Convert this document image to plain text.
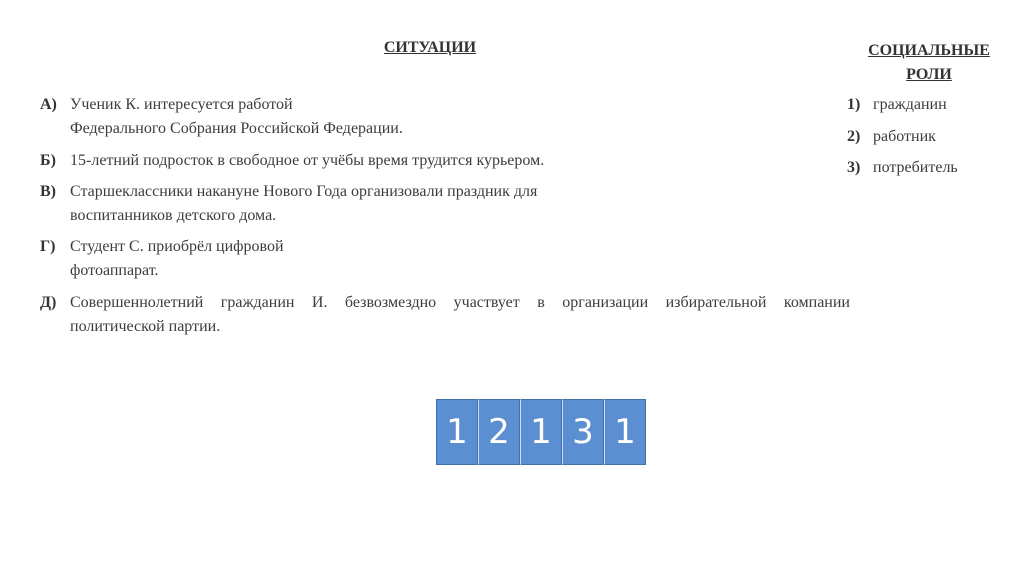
СИТУАЦИИ	СОЦИАЛЬНЫЕ
РОЛИ
А) Ученик К. интересуется работой
Федерального Собрания Российской Федерации.
Б) 15-летний подросток в свободное от учёбы время трудится курьером.
В) Старшеклассники накануне Нового Года организовали праздник для
воспитанников детского дома.
Г) Студент С. приобрёл цифровой
фотоаппарат.
Д) Совершеннолетний гражданин И. безвозмездно участвует в организации избирательной компании
политической партии.
1) гражданин
2) работник
3) потребитель
1 2 1 3 1
